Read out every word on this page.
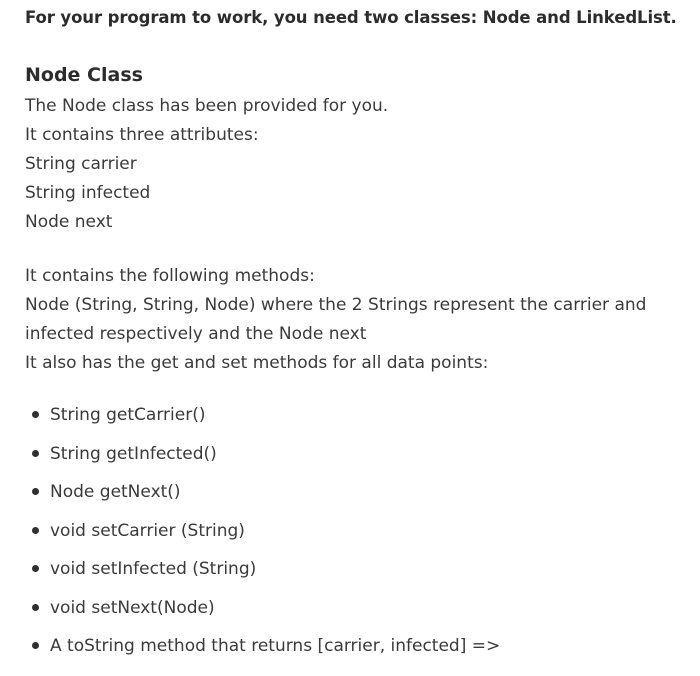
For your program to work, you need two classes: Node and LinkedList.
Node Class
The Node class has been provided for you.
It contains three attributes:
String carrier
String infected
Node next
It contains the following methods:
Node (String, String, Node) where the 2 Strings represent the carrier and
infected respectively and the Node next
It also has the get and set methods for all data points:
String getCarrier()
String getInfected()
Node getNext()
void setCarrier (String)
void setInfected (String)
void setNext(Node)
A toString method that returns [carrier, infected] =>
